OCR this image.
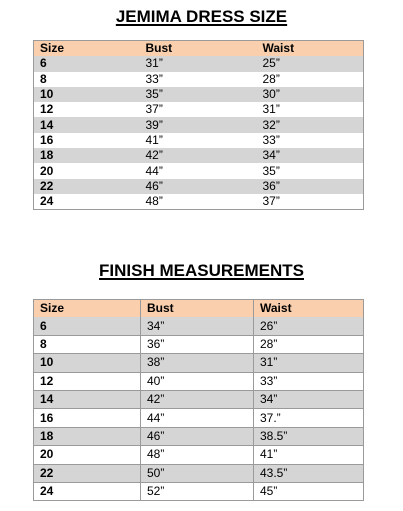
JEMIMA DRESS SIZE
Size	Bust	Waist
6	31”	25”
8	33”	28”
10	35”	30”
12	37”	31”
14	39”	32”
16	41”	33”
18	42”	34”
20	44”	35”
22	46”	36”
24	48”	37”
FINISH MEASUREMENTS
Size	Bust	Waist
6	34”	26”
8	36”	28”
10	38”	31”
12	40”	33”
14	42”	34”
16	44”	37.”
18	46”	38.5”
20	48”	41”
22	50”	43.5”
24	52”	45”
